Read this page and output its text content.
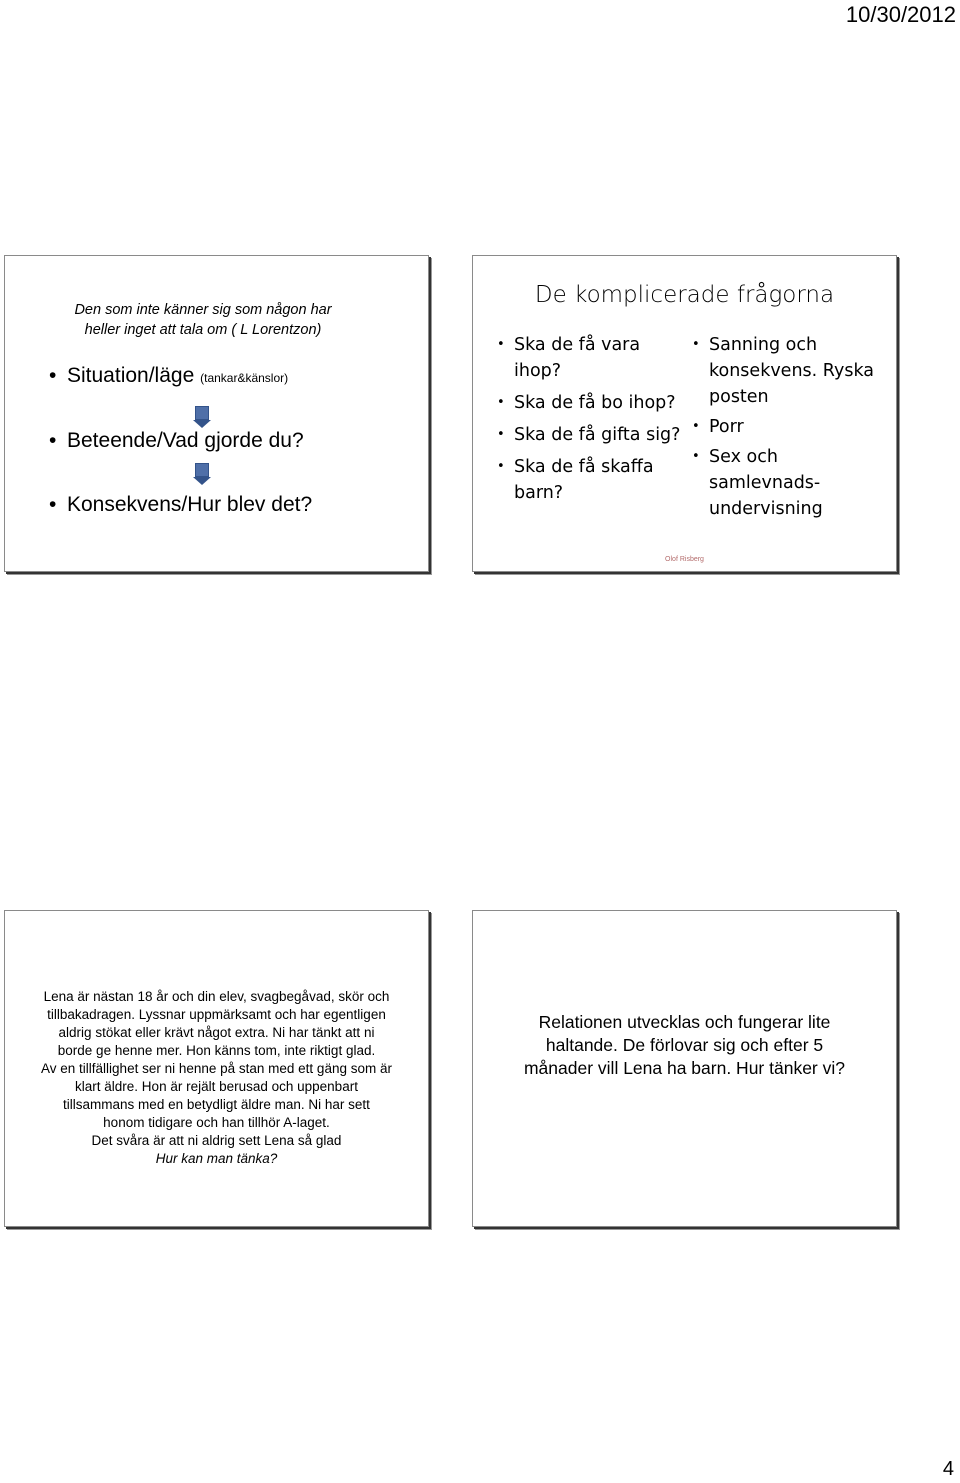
10/30/2012
Den som inte känner sig som någon har
heller inget att tala om ( L Lorentzon)
• Situation/läge (tankar&känslor)
• Beteende/Vad gjorde du?
• Konsekvens/Hur blev det?
De komplicerade frågorna
• Ska de få vara
ihop?
• Ska de få bo ihop?
• Ska de få gifta sig?
• Ska de få skaffa
barn?
• Sanning och
konsekvens. Ryska
posten
• Porr
• Sex och
samlevnads-
undervisning
Olof Risberg

Lena är nästan 18 år och din elev, svagbegåvad, skör och

tillbakadragen. Lyssnar uppmärksamt och har egentligen

aldrig stökat eller krävt något extra. Ni har tänkt att ni

borde ge henne mer. Hon känns tom, inte riktigt glad.

Av en tillfällighet ser ni henne på stan med ett gäng som är

klart äldre. Hon är rejält berusad och uppenbart

tillsammans med en betydligt äldre man. Ni har sett

honom tidigare och han tillhör A-laget.

Det svåra är att ni aldrig sett Lena så glad

Hur kan man tänka?

Relationen utvecklas och fungerar lite
haltande. De förlovar sig och efter 5
månader vill Lena ha barn. Hur tänker vi?
4
